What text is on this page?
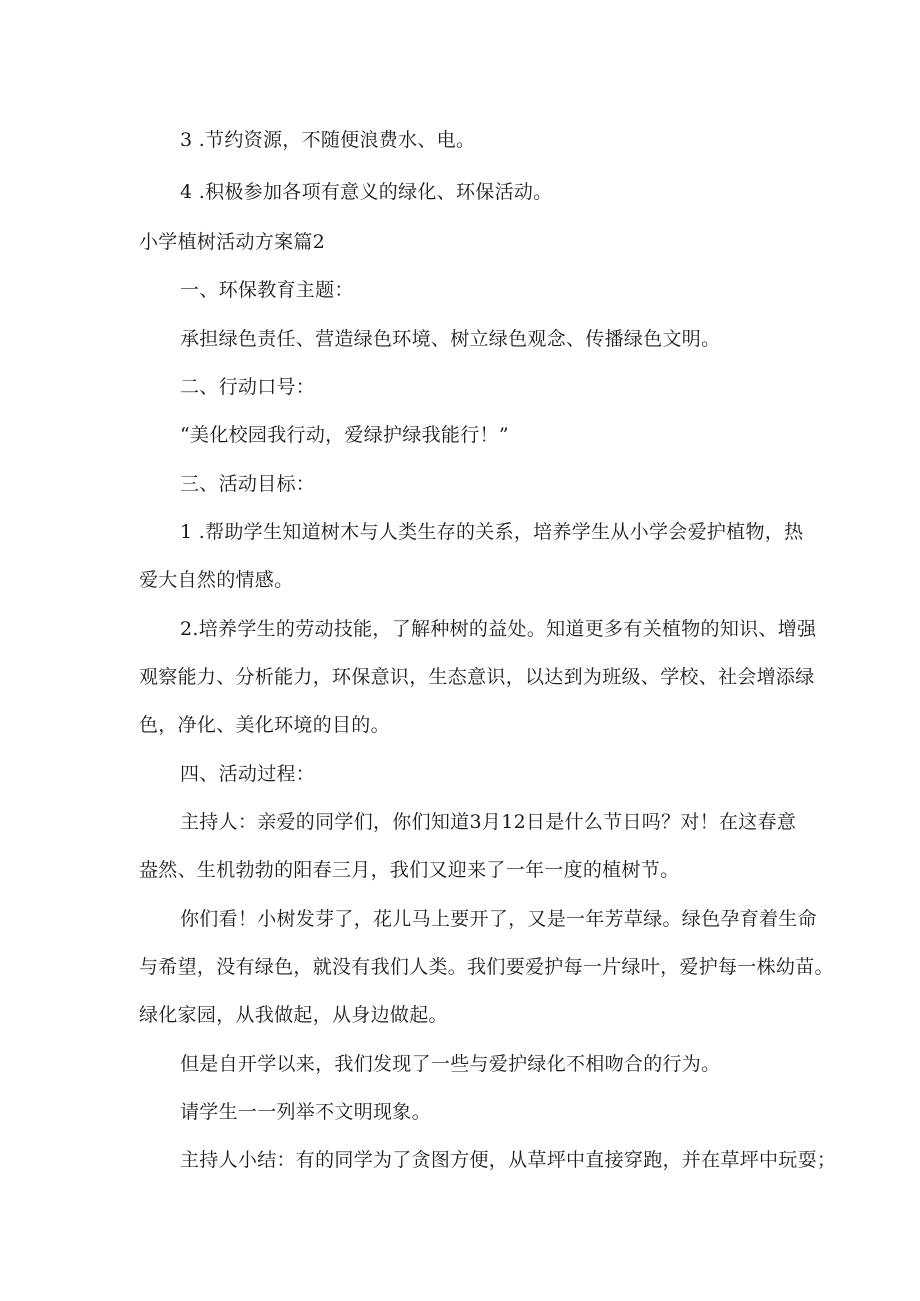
3 .节约资源，不随便浪费水、电。
4 .积极参加各项有意义的绿化、环保活动。
小学植树活动方案篇2
一、环保教育主题：
承担绿色责任、营造绿色环境、树立绿色观念、传播绿色文明。
二、行动口号：
“美化校园我行动，爱绿护绿我能行！”
三、活动目标：
1 .帮助学生知道树木与人类生存的关系，培养学生从小学会爱护植物，热
爱大自然的情感。
2.培养学生的劳动技能，了解种树的益处。知道更多有关植物的知识、增强
观察能力、分析能力，环保意识，生态意识，以达到为班级、学校、社会增添绿
色，净化、美化环境的目的。
四、活动过程：
主持人：亲爱的同学们，你们知道3月12日是什么节日吗？对！在这春意
盎然、生机勃勃的阳春三月，我们又迎来了一年一度的植树节。
你们看！小树发芽了，花儿马上要开了，又是一年芳草绿。绿色孕育着生命
与希望，没有绿色，就没有我们人类。我们要爱护每一片绿叶，爱护每一株幼苗。
绿化家园，从我做起，从身边做起。
但是自开学以来，我们发现了一些与爱护绿化不相吻合的行为。
请学生一一列举不文明现象。
主持人小结：有的同学为了贪图方便，从草坪中直接穿跑，并在草坪中玩耍；
